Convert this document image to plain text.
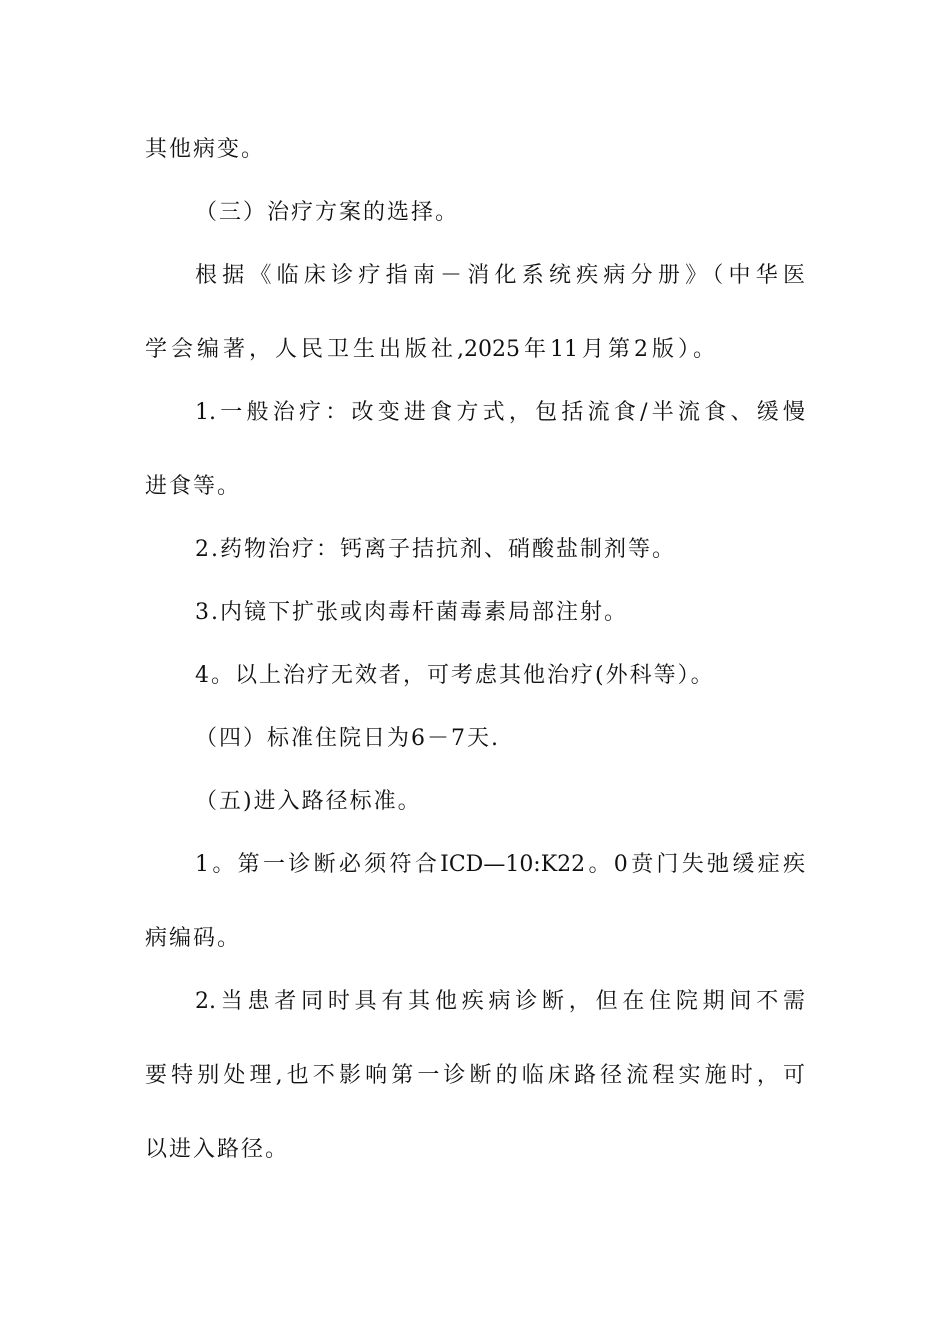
其他病变。
（三）治疗方案的选择。
根据《临床诊疗指南－消化系统疾病分册》（中华医
学会编著，人民卫生出版社,2025年11月第2版）。
1.一般治疗：改变进食方式，包括流食/半流食、缓慢
进食等。
2.药物治疗：钙离子拮抗剂、硝酸盐制剂等。
3.内镜下扩张或肉毒杆菌毒素局部注射。
4。以上治疗无效者，可考虑其他治疗(外科等）。
（四）标准住院日为6－7天.
（五)进入路径标准。
1。第一诊断必须符合ICD—10:K22。0贲门失弛缓症疾
病编码。
2.当患者同时具有其他疾病诊断，但在住院期间不需
要特别处理,也不影响第一诊断的临床路径流程实施时，可
以进入路径。
